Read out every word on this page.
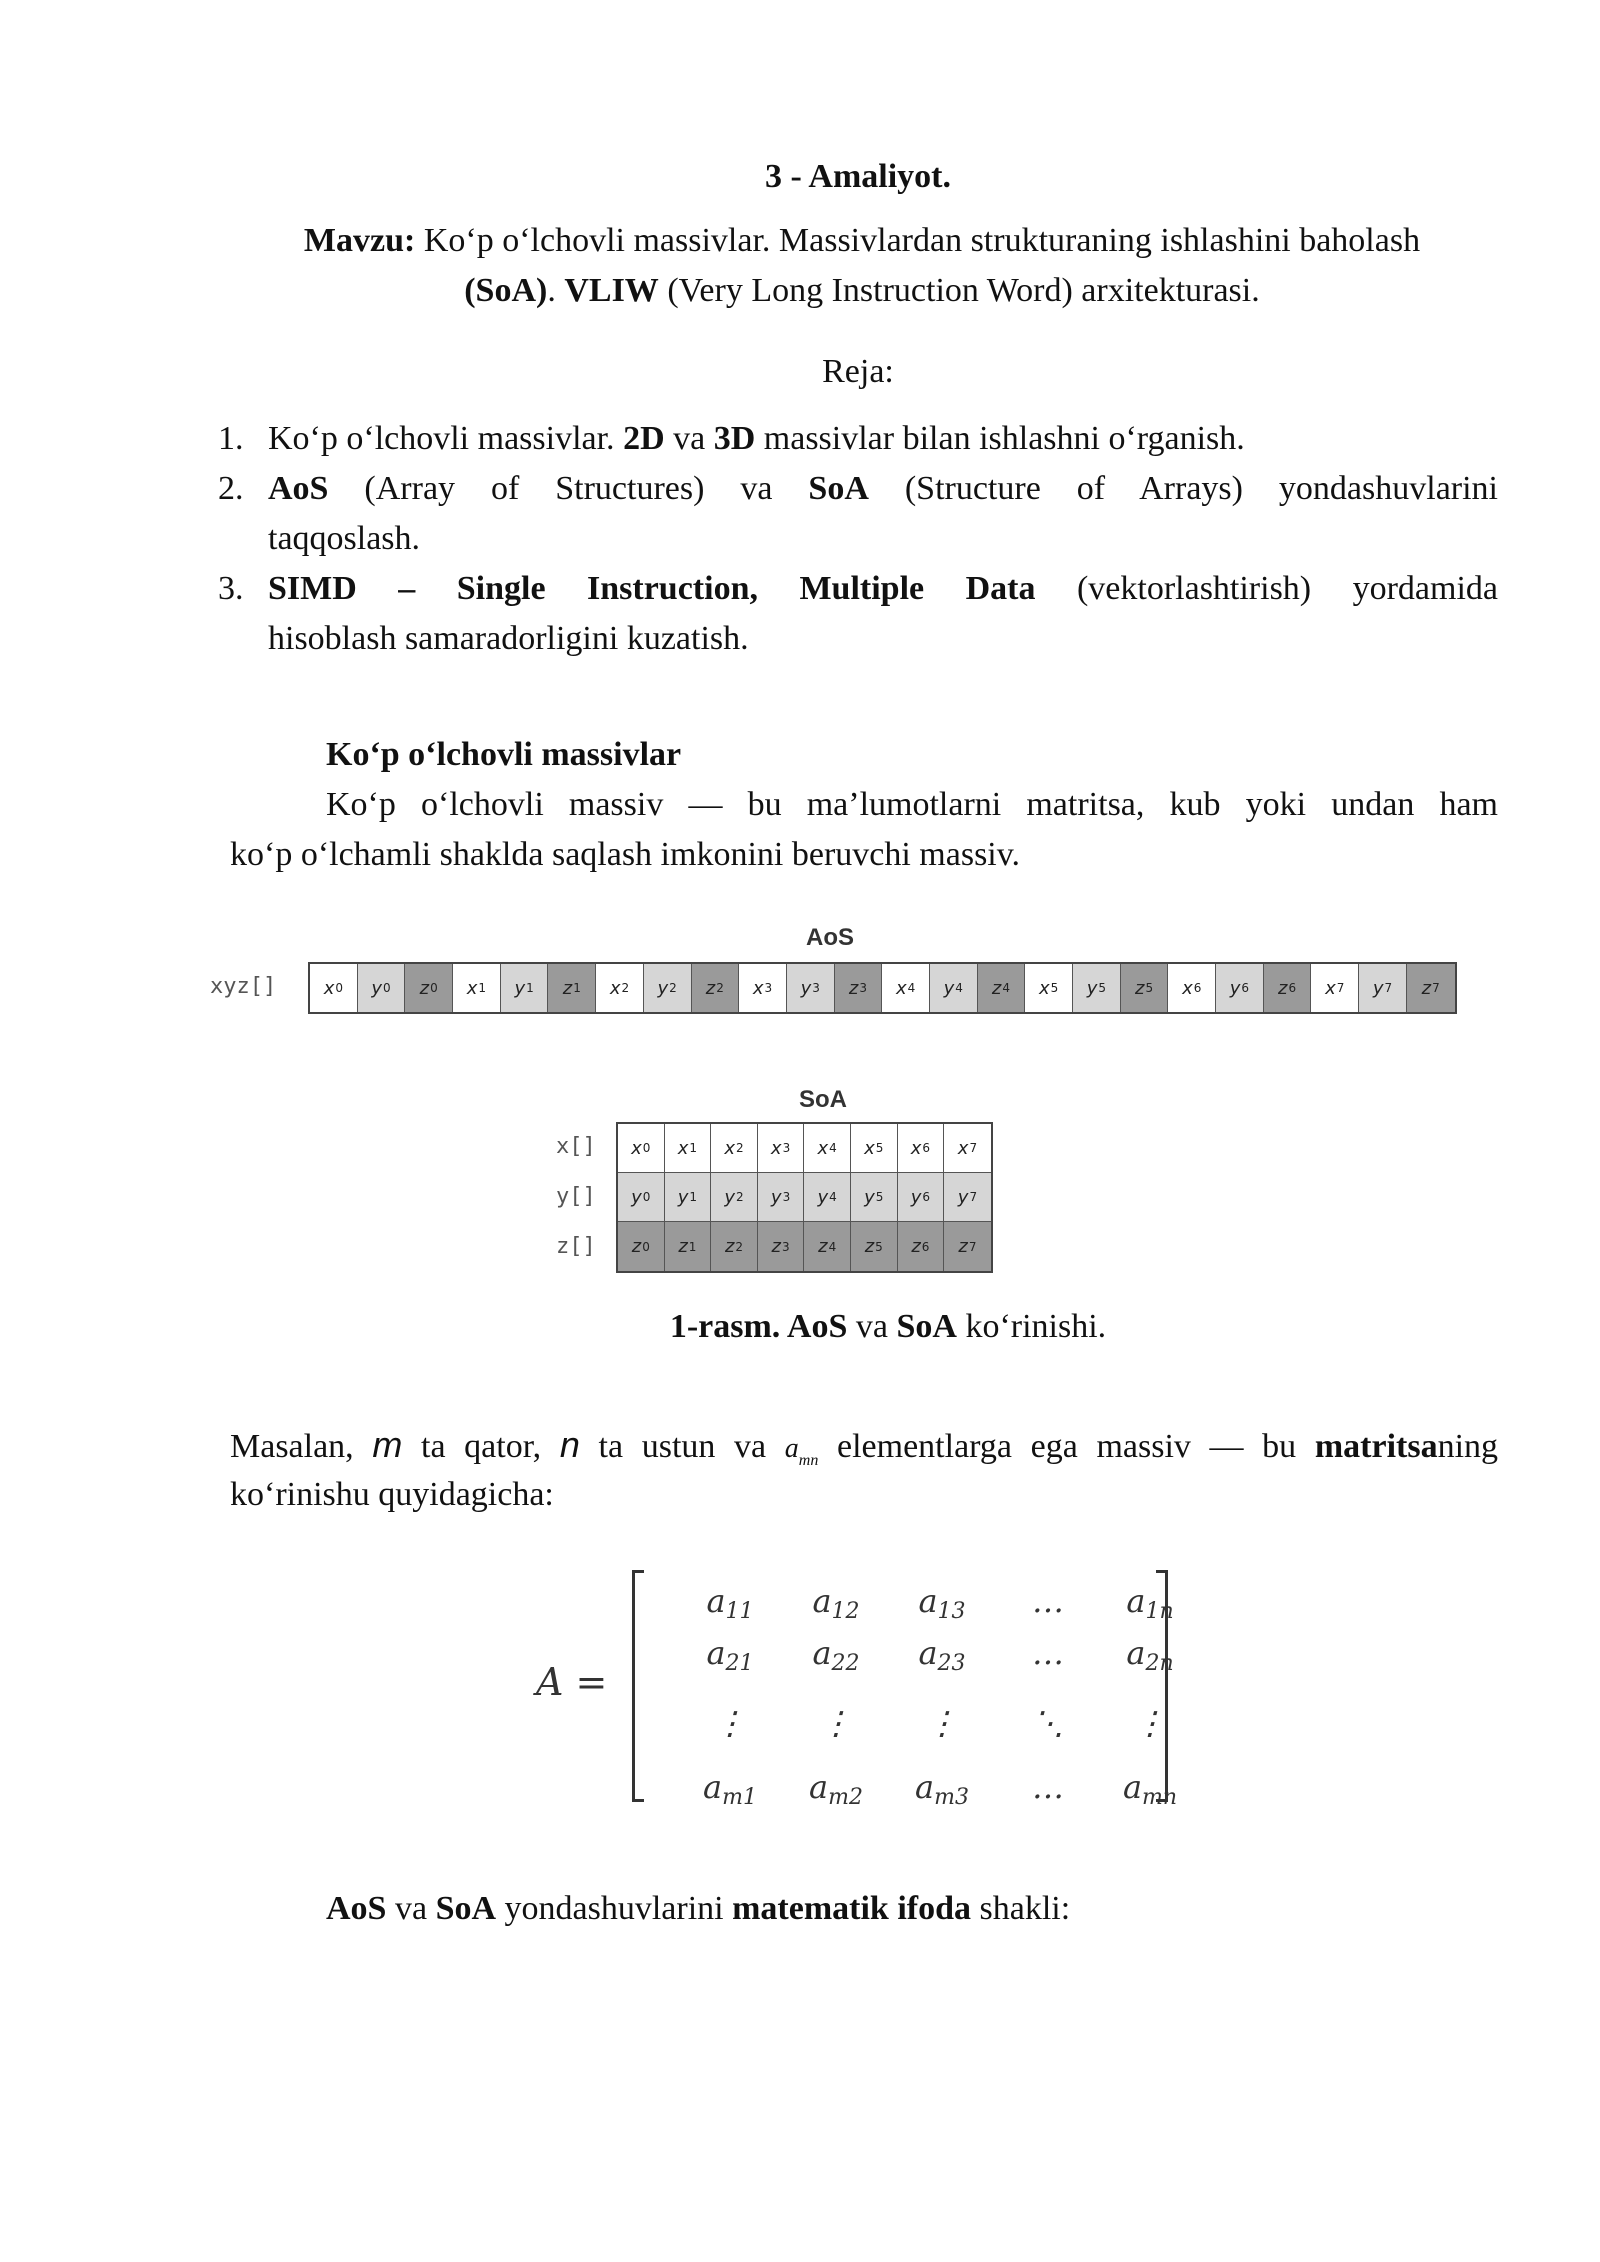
3 - Amaliyot.
Mavzu: Ko‘p o‘lchovli massivlar. Massivlardan strukturaning ishlashini baholash
(SoA). VLIW (Very Long Instruction Word) arxitekturasi.
Reja:
1. Ko‘p o‘lchovli massivlar. 2D va 3D massivlar bilan ishlashni o‘rganish.
2. AoS (Array of Structures) va SoA (Structure of Arrays) yondashuvlarini
taqqoslash.
3. SIMD – Single Instruction, Multiple Data (vektorlashtirish) yordamida
hisoblash samaradorligini kuzatish.
Ko‘p o‘lchovli massivlar
Ko‘p o‘lchovli massiv — bu ma’lumotlarni matritsa, kub yoki undan ham
ko‘p o‘lchamli shaklda saqlash imkonini beruvchi massiv.
AoS
xyz[]	x 0 y 0 z 0 x 1 y 1 z 1 x 2 y 2 z 2 x 3 y 3 z 3 x 4 y 4 z 4 x 5 y 5 z 5 x 6 y 6 z 6 x 7 y 7 z 7
SoA
x[]
y[]
z[]
x 0 x 1 x 2 x 3 x 4 x 5 x 6 x 7
y 0 y 1 y 2 y 3 y 4 y 5 y 6 y 7
z 0 z 1 z 2 z 3 z 4 z 5 z 6 z 7
1-rasm. AoS va SoA ko‘rinishi.
Masalan, m ta qator, n ta ustun va $a_{mn}$ elementlarga ega massiv — bu matritsaning
ko‘rinishu quyidagicha:
A =
$a_{11}$	$a_{12}$	$a_{13}$	…	$a_{1n}$
$a_{21}$	$a_{22}$	$a_{23}$	…	$a_{2n}$
⋮	⋮	⋮	⋱	⋮
$a_{m1}$	$a_{m2}$	$a_{m3}$	…	$a_{mn}$
AoS va SoA yondashuvlarini matematik ifoda shakli:
